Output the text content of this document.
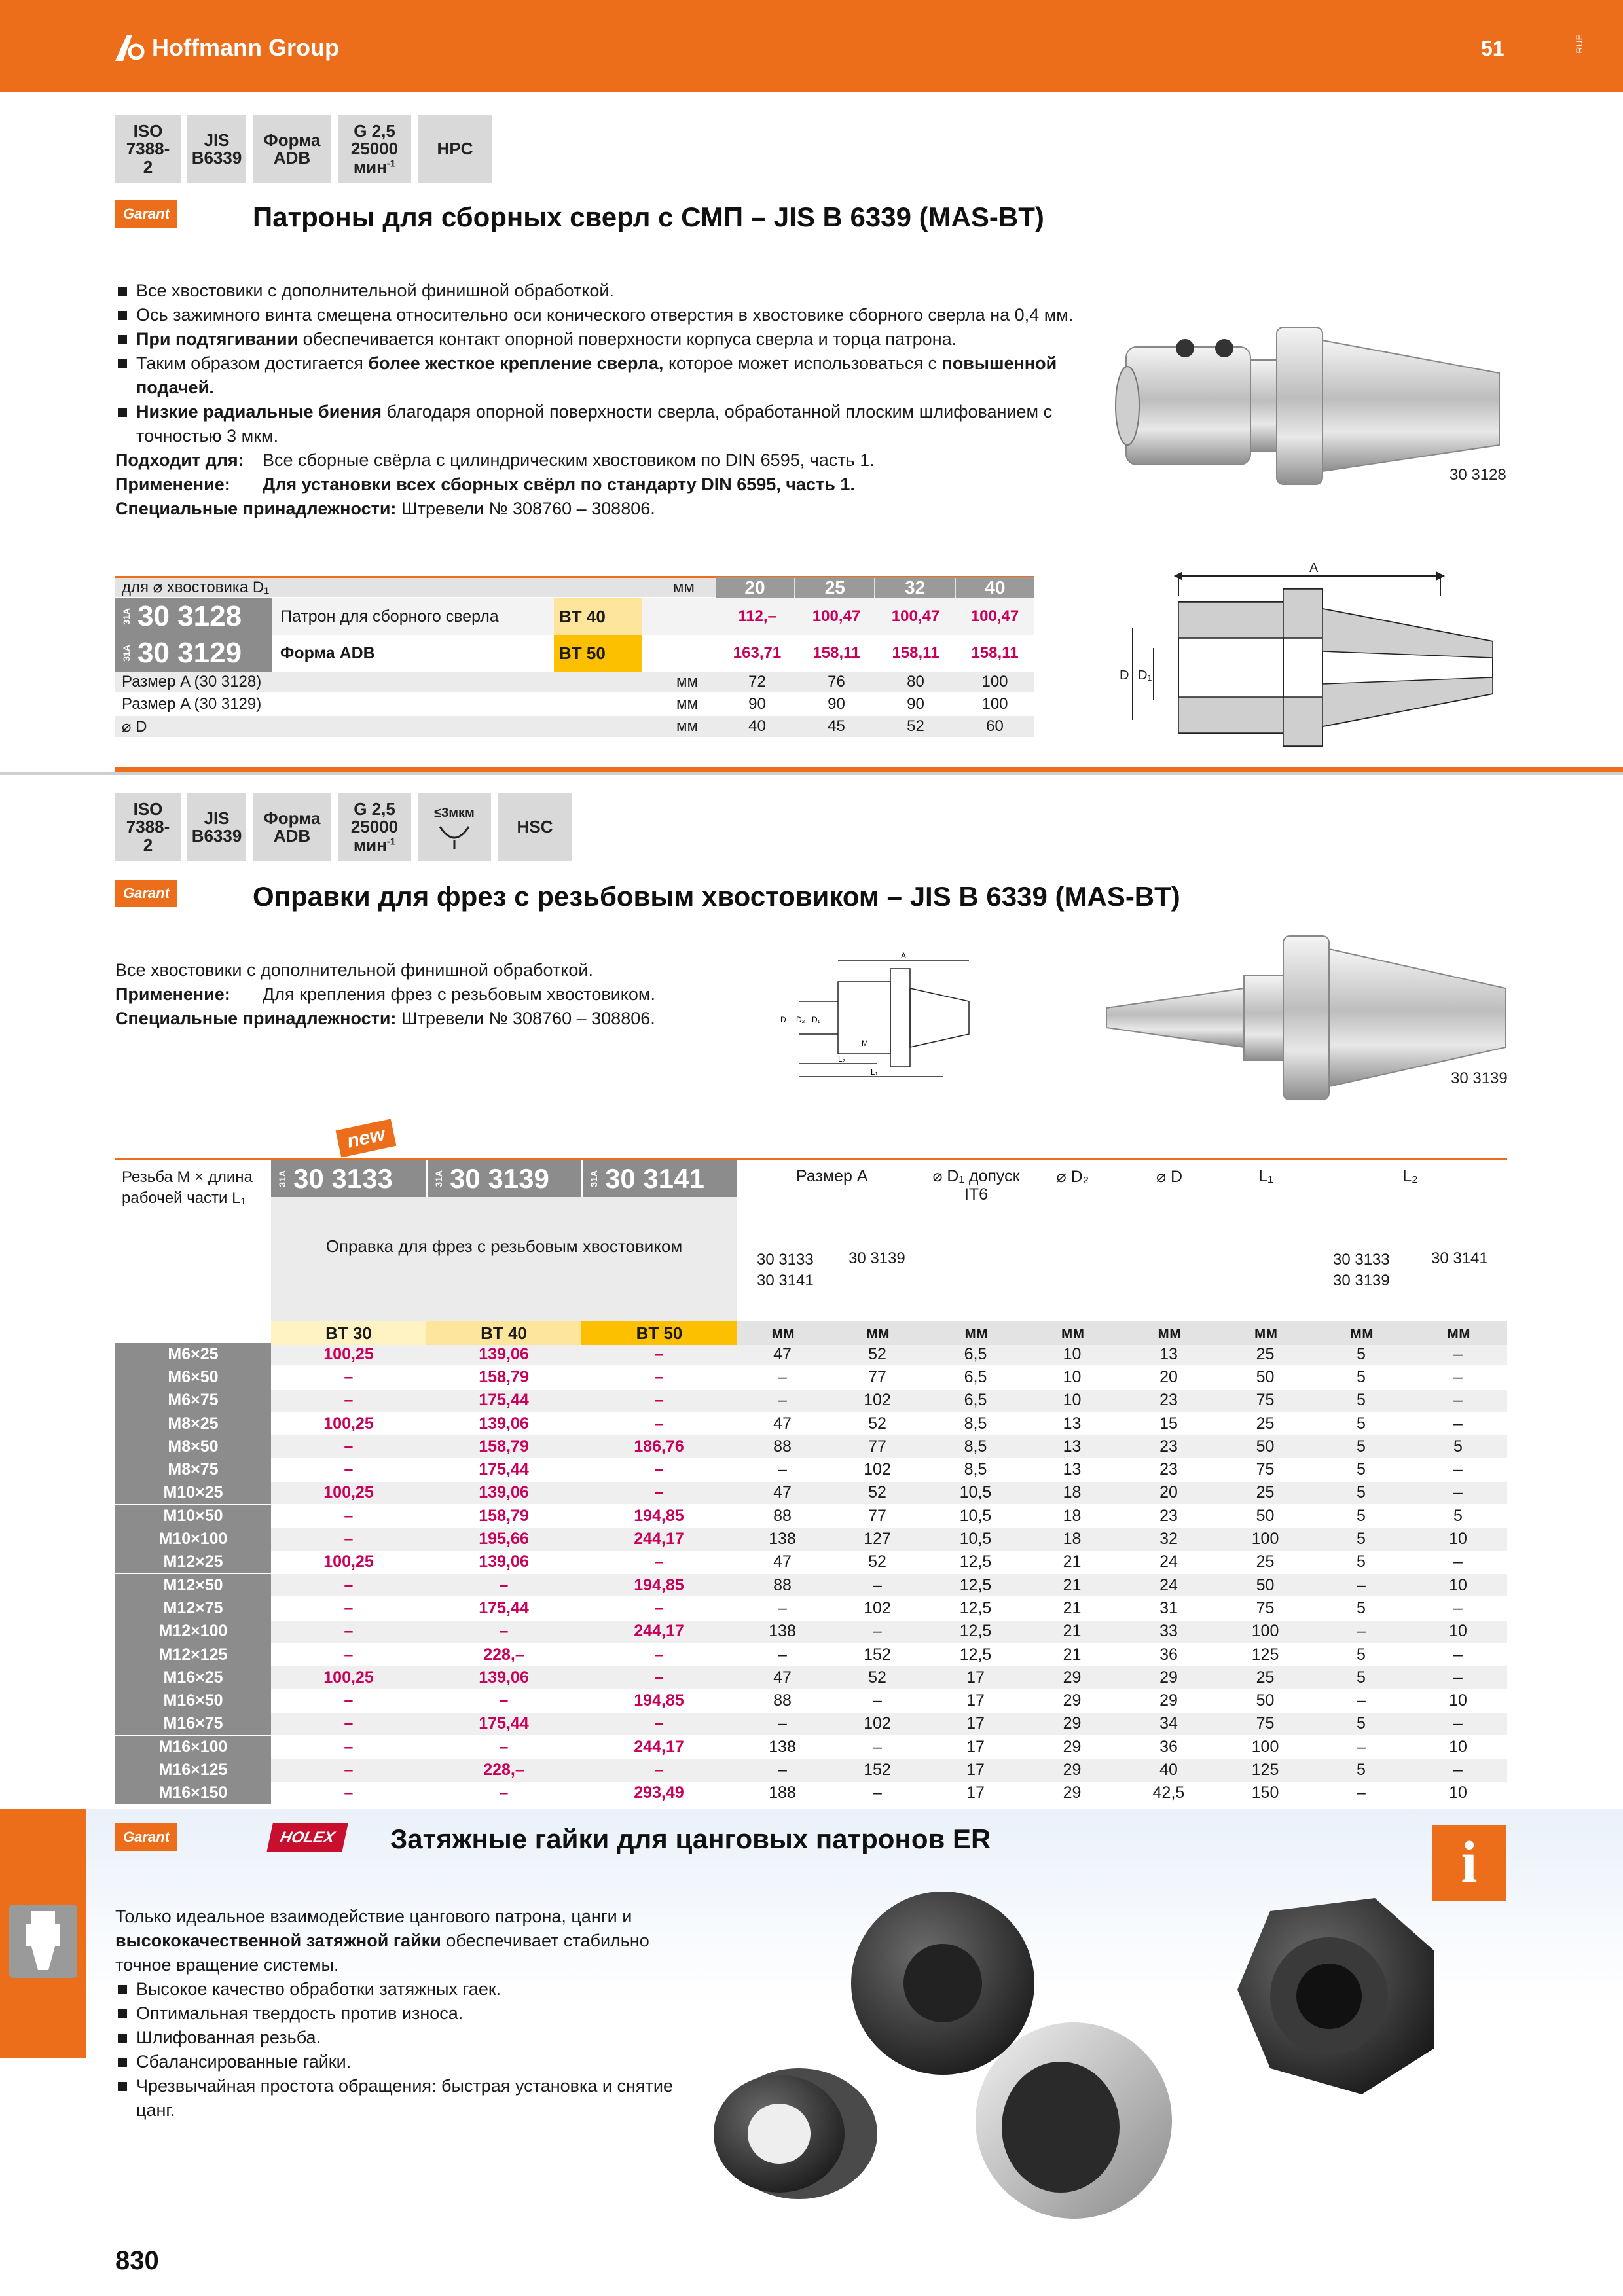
Hoffmann Group	51	RUE
ISO
7388-2
JIS
B6339
Форма
ADB
G 2,5
25000
мин$^{-1}$
HPC
Garant	Патроны для сборных сверл с СМП – JIS B 6339 (MAS-BT)
Все хвостовики с дополнительной финишной обработкой.
Ось зажимного винта смещена относительно оси конического отверстия в хвостовике сборного сверла на 0,4 мм.
При подтягивании обеспечивается контакт опорной поверхности корпуса сверла и торца патрона.
Таким образом достигается более жесткое крепление сверла, которое может использоваться с повышенной подачей.
Низкие радиальные биения благодаря опорной поверхности сверла, обработанной плоским шлифованием с точностью 3 мкм.
Подходит для:	Все сборные свёрла с цилиндрическим хвостовиком по DIN 6595, часть 1.
Применение:	Для установки всех сборных свёрл по стандарту DIN 6595, часть 1.
Специальные принадлежности: Штревели № 308760 – 308806.
30 3128
A
D D₁
для ⌀ хвостовика D₁	мм	20	25	32	40
31A 30 3128	Патрон для сборного сверла	BT 40	112,–	100,47	100,47	100,47
31A 30 3129	Форма ADB	BT 50	163,71	158,11	158,11	158,11
Размер A (30 3128)	мм	72	76	80	100
Размер A (30 3129)	мм	90	90	90	100
⌀ D	мм	40	45	52	60
ISO
7388-2
JIS
B6339
Форма
ADB
G 2,5
25000
мин$^{-1}$
≤3мкм
HSC
Garant	Оправки для фрез с резьбовым хвостовиком – JIS B 6339 (MAS-BT)
Все хвостовики с дополнительной финишной обработкой.
Применение:	Для крепления фрез с резьбовым хвостовиком.
Специальные принадлежности: Штревели № 308760 – 308806.
A
D D₂ D₁
M
L₂
L₁	30 3139
new
Резьба M × длина
рабочей части L₁
31A 30 3133	31A 30 3139	31A 30 3141
Оправка для фрез с резьбовым хвостовиком
BT 30	BT 40	BT 50
Размер A	⌀ D₁ допуск
IT6
⌀ D₂	⌀ D	L₁	L₂
30 3133
30 3141
30 3139	30 3133
30 3139
30 3141
мм	мм	мм	мм	мм	мм	мм	мм
M6×25	100,25	139,06	–	47	52	6,5	10	13	25	5	–
M6×50	–	158,79	–	–	77	6,5	10	20	50	5	–
M6×75	–	175,44	–	–	102	6,5	10	23	75	5	–
M8×25	100,25	139,06	–	47	52	8,5	13	15	25	5	–
M8×50	–	158,79	186,76	88	77	8,5	13	23	50	5	5
M8×75	–	175,44	–	–	102	8,5	13	23	75	5	–
M10×25	100,25	139,06	–	47	52	10,5	18	20	25	5	–
M10×50	–	158,79	194,85	88	77	10,5	18	23	50	5	5
M10×100	–	195,66	244,17	138	127	10,5	18	32	100	5	10
M12×25	100,25	139,06	–	47	52	12,5	21	24	25	5	–
M12×50	–	–	194,85	88	–	12,5	21	24	50	–	10
M12×75	–	175,44	–	–	102	12,5	21	31	75	5	–
M12×100	–	–	244,17	138	–	12,5	21	33	100	–	10
M12×125	–	228,–	–	–	152	12,5	21	36	125	5	–
M16×25	100,25	139,06	–	47	52	17	29	29	25	5	–
M16×50	–	–	194,85	88	–	17	29	29	50	–	10
M16×75	–	175,44	–	–	102	17	29	34	75	5	–
M16×100	–	–	244,17	138	–	17	29	36	100	–	10
M16×125	–	228,–	–	–	152	17	29	40	125	5	–
M16×150	–	–	293,49	188	–	17	29	42,5	150	–	10
i
Garant	HOLEX	Затяжные гайки для цанговых патронов ER
Только идеальное взаимодействие цангового патрона, цанги и высококачественной затяжной гайки обеспечивает стабильно точное вращение системы.
Высокое качество обработки затяжных гаек.
Оптимальная твердость против износа.
Шлифованная резьба.
Сбалансированные гайки.
Чрезвычайная простота обращения: быстрая установка и снятие цанг.
830
